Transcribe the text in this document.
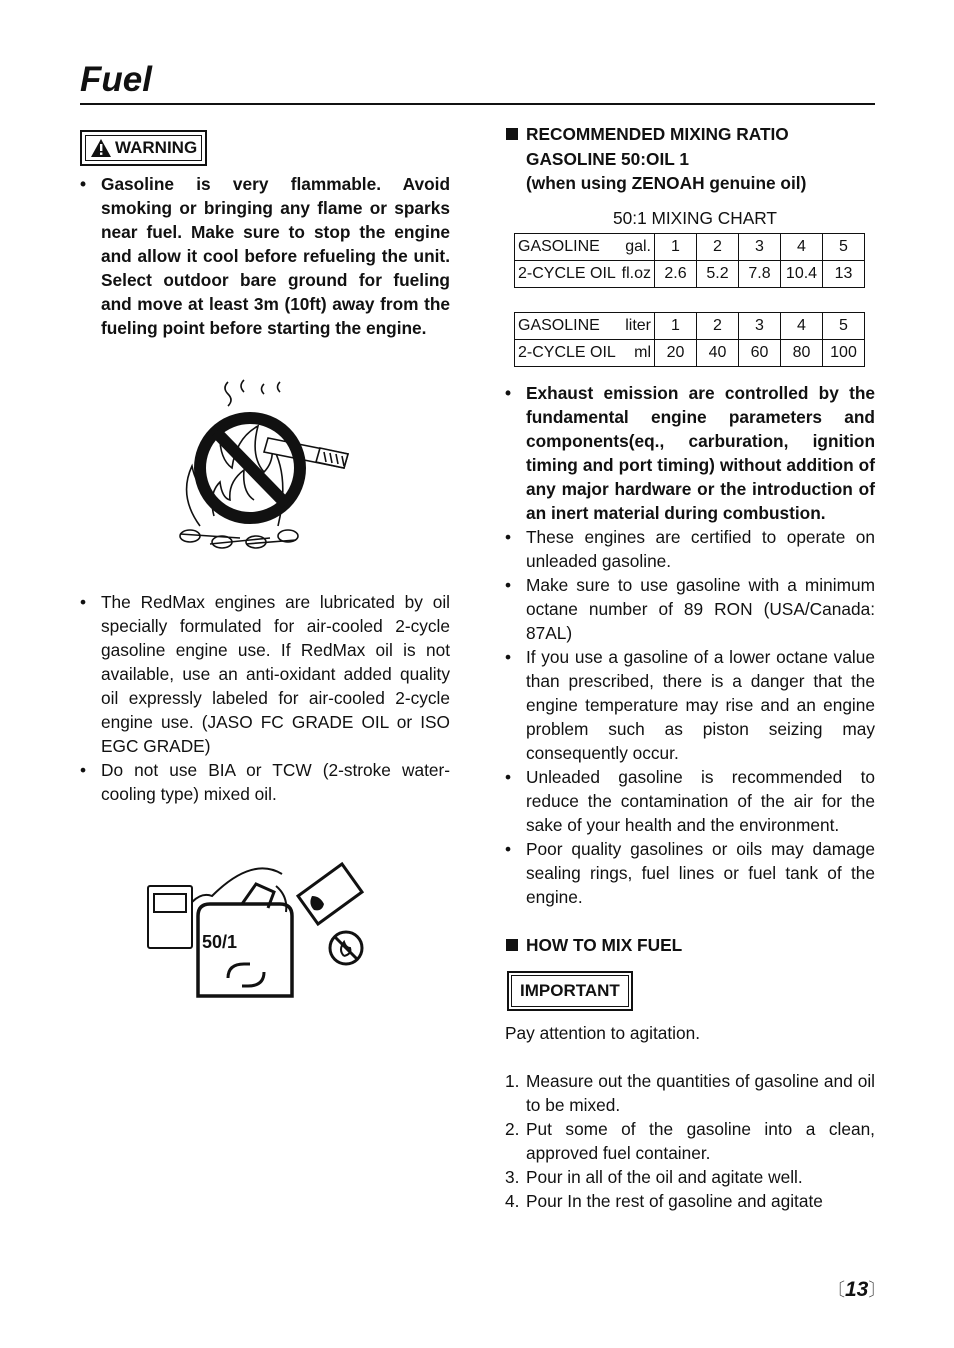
Fuel
WARNING
• Gasoline is very flammable. Avoid smoking or bringing any flame or sparks near fuel. Make sure to stop the engine and allow it cool before refueling the unit. Select outdoor bare ground for fueling and move at least 3m (10ft) away from the fueling point before starting the engine.
• The RedMax engines are lubricated by oil specially formulated for air-cooled 2-cycle gasoline engine use. If RedMax oil is not available, use an anti-oxidant added quality oil expressly labeled for air-cooled 2-cycle engine use. (JASO FC GRADE OIL or ISO EGC GRADE)
• Do not use BIA or TCW (2-stroke water-cooling type) mixed oil.
50/1
RECOMMENDED MIXING RATIO
GASOLINE 50:OIL 1
(when using ZENOAH genuine oil)
50:1 MIXING CHART
GASOLINE gal.	1	2	3	4	5
2-CYCLE OIL fl.oz	2.6	5.2	7.8	10.4	13
GASOLINE liter	1	2	3	4	5
2-CYCLE OIL ml	20	40	60	80	100
• Exhaust emission are controlled by the fundamental engine parameters and components(eq., carburation, ignition timing and port timing) without addition of any major hardware or the introduction of an inert material during combustion.
• These engines are certified to operate on unleaded gasoline.
• Make sure to use gasoline with a minimum octane number of 89 RON (USA/Canada: 87AL)
• If you use a gasoline of a lower octane value than prescribed, there is a danger that the engine temperature may rise and an engine problem such as piston seizing may consequently occur.
• Unleaded gasoline is recommended to reduce the contamination of the air for the sake of your health and the environment.
• Poor quality gasolines or oils may damage sealing rings, fuel lines or fuel tank of the engine.
HOW TO MIX FUEL
IMPORTANT
Pay attention to agitation.
1. Measure out the quantities of gasoline and oil to be mixed.
2. Put some of the gasoline into a clean, approved fuel container.
3. Pour in all of the oil and agitate well.
4. Pour In the rest of gasoline and agitate
〔13〕
